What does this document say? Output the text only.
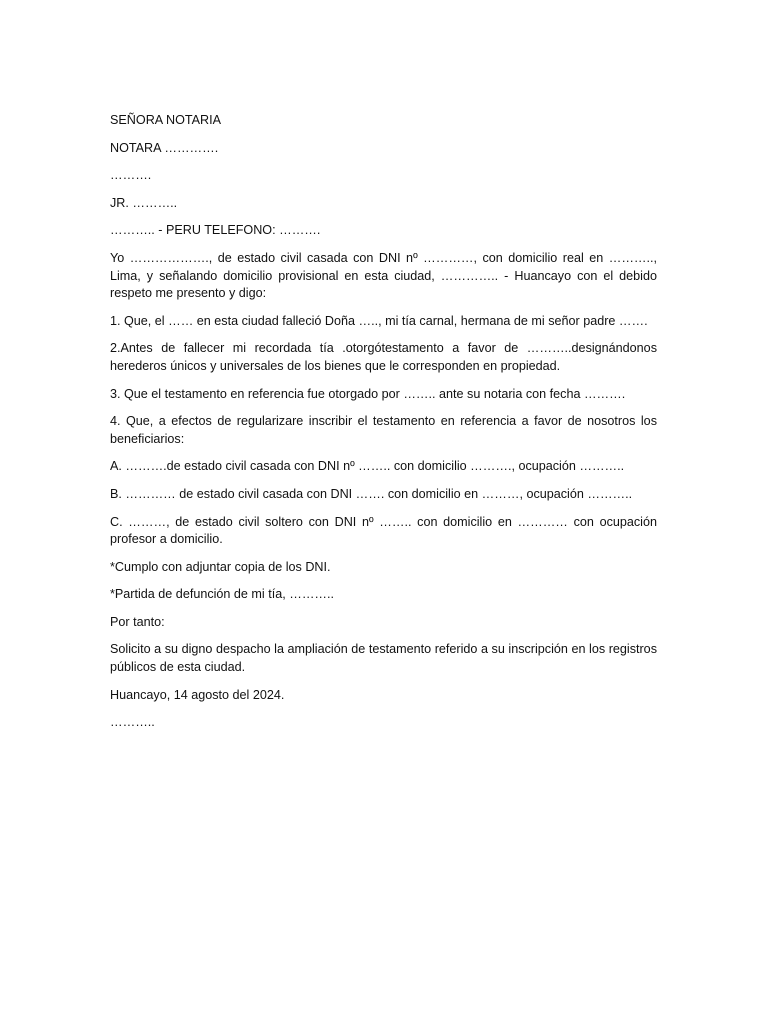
SEÑORA NOTARIA

NOTARA ………….

……….

JR. ………..

……….. - PERU TELEFONO: ……….

Yo ………………., de estado civil casada con DNI nº …………, con domicilio real en ……….., Lima, y señalando domicilio provisional en esta ciudad, ………….. - Huancayo con el debido respeto me presento y digo:

1. Que, el …… en esta ciudad falleció Doña ….., mi tía carnal, hermana de mi señor padre …….

2.Antes de fallecer mi recordada tía .otorgótestamento a favor de ………..designándonos herederos únicos y universales de los bienes que le corresponden en propiedad.

3. Que el testamento en referencia fue otorgado por …….. ante su notaria con fecha ……….

4. Que, a efectos de regularizare inscribir el testamento en referencia a favor de nosotros los beneficiarios:

A. ……….de estado civil casada con DNI nº …….. con domicilio ………., ocupación ………..

B. ………… de estado civil casada con DNI ……. con domicilio en ………, ocupación ………..

C. ………, de estado civil soltero con DNI nº …….. con domicilio en ………… con ocupación profesor a domicilio.

*Cumplo con adjuntar copia de los DNI.

*Partida de defunción de mi tía, ………..

Por tanto:

Solicito a su digno despacho la ampliación de testamento referido a su inscripción en los registros públicos de esta ciudad.

Huancayo, 14 agosto del 2024.

………..
